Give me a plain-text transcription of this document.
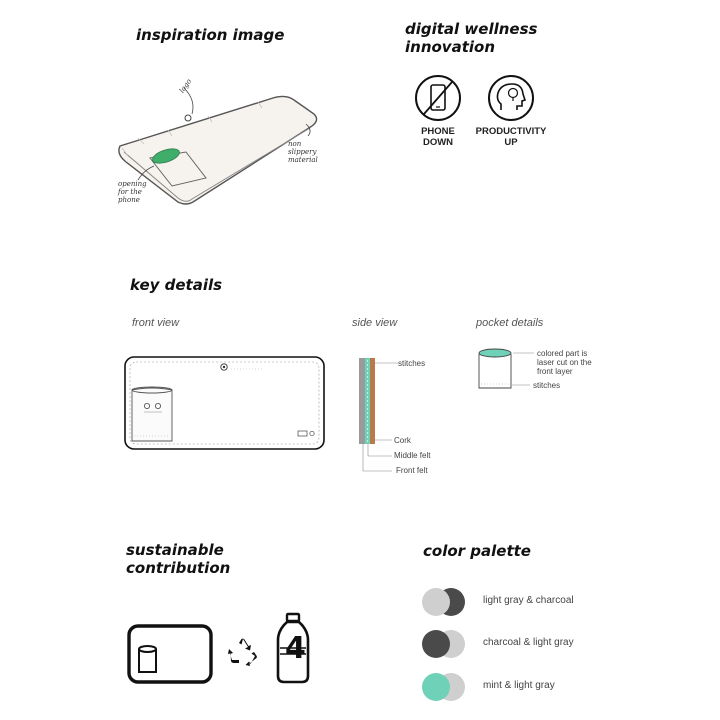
inspiration image	digital wellness
innovation
key details
sustainable
contribution
color palette
logo
non
slippery
material
opening
for the
phone
PHONE
DOWN
PRODUCTIVITY
UP
front view	side view	pocket details
stitches
Cork
Middle felt
Front felt
colored part is
laser cut on the
front layer
stitches
4
light gray & charcoal
charcoal & light gray
mint & light gray
